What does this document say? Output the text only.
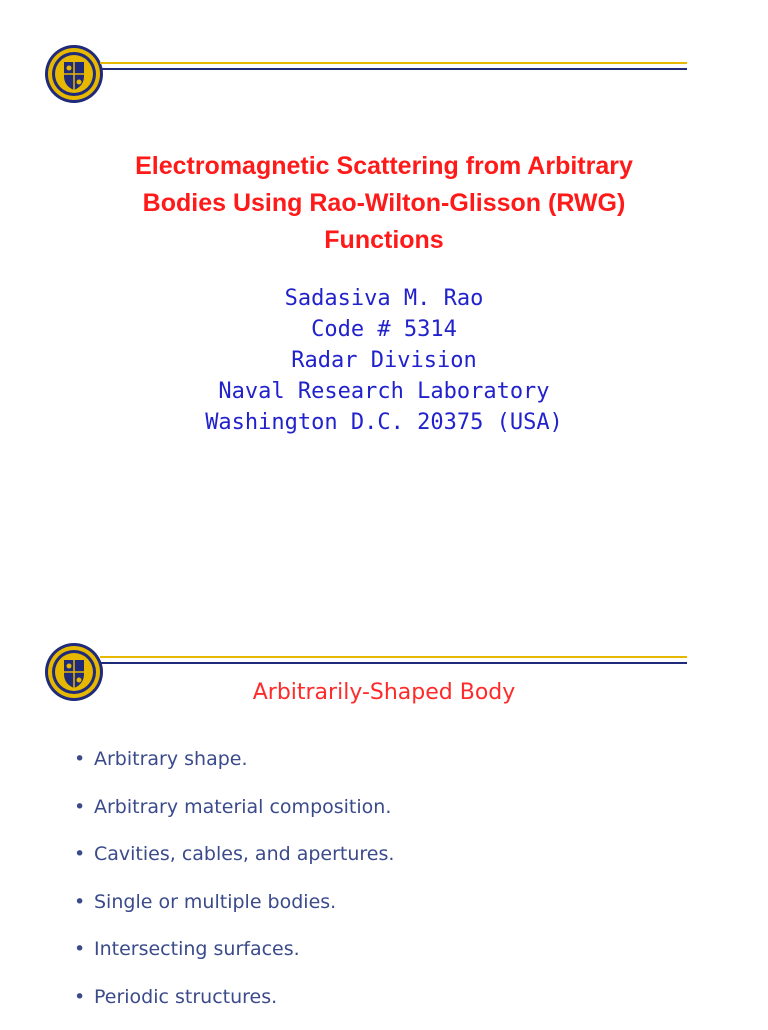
Electromagnetic Scattering from Arbitrary
Bodies Using Rao-Wilton-Glisson (RWG)
Functions
Sadasiva M. Rao
Code # 5314
Radar Division
Naval Research Laboratory
Washington D.C. 20375 (USA)
Arbitrarily-Shaped Body
• Arbitrary shape.
• Arbitrary material composition.
• Cavities, cables, and apertures.
• Single or multiple bodies.
• Intersecting surfaces.
• Periodic structures.
